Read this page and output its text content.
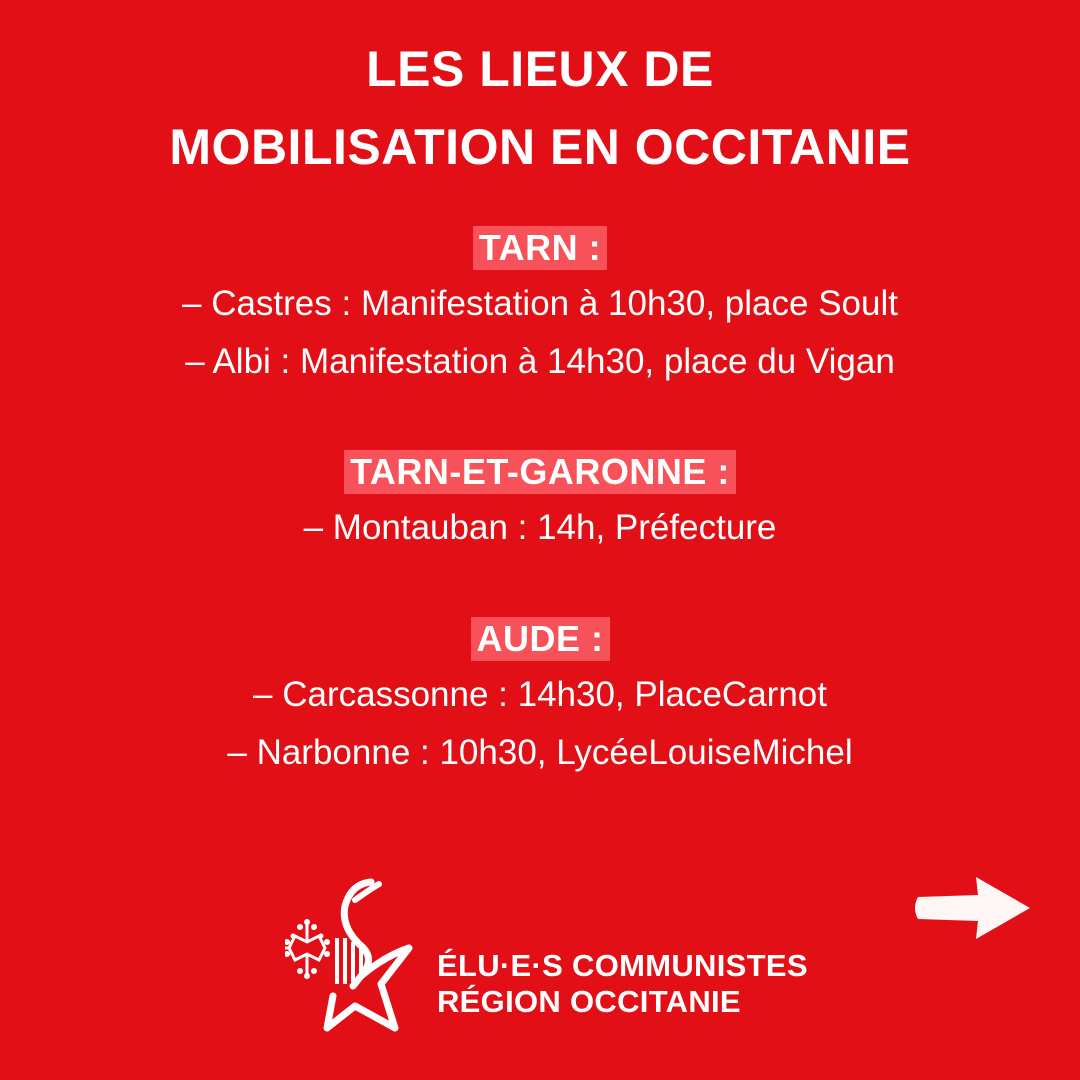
LES LIEUX DE
MOBILISATION EN OCCITANIE
TARN :
– Castres : Manifestation à 10h30, place Soult
– Albi : Manifestation à 14h30, place du Vigan
TARN-ET-GARONNE :
– Montauban : 14h, Préfecture
AUDE :
– Carcassonne : 14h30, PlaceCarnot
– Narbonne : 10h30, LycéeLouiseMichel
ÉLU·E·S COMMUNISTES
RÉGION OCCITANIE
